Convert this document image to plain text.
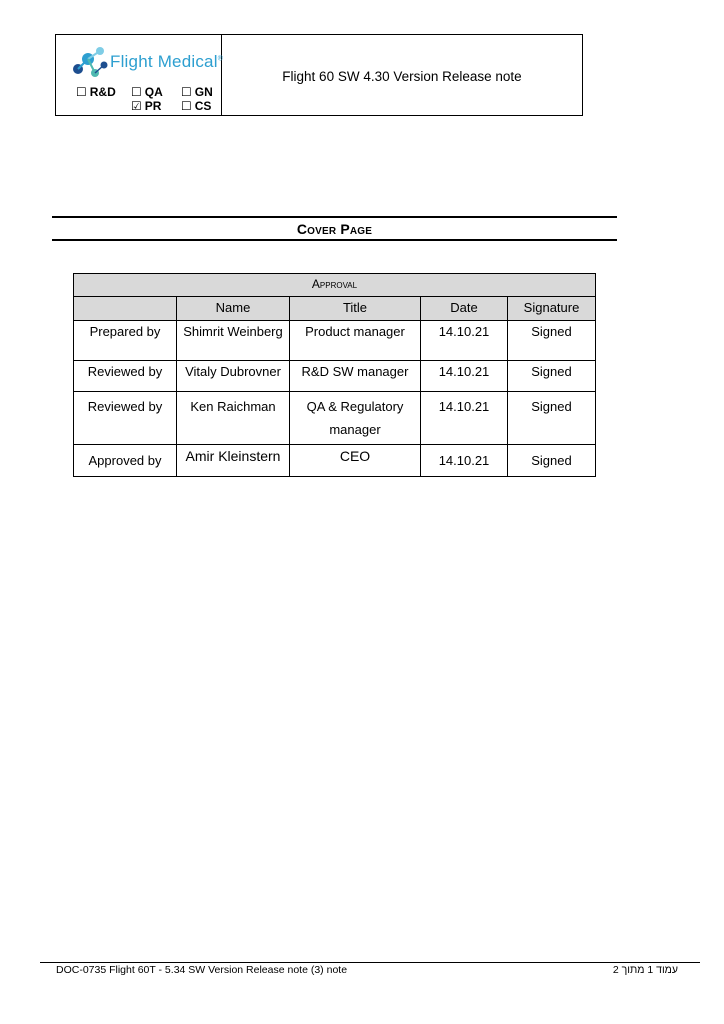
Flight Medical®
☐ R&D ☐ QA ☐ GN
☑ PR ☐ CS
Flight 60 SW 4.30 Version Release note
Cover Page
Approval				
	Name	Title	Date	Signature
Prepared by	Shimrit Weinberg	Product manager	14.10.21	Signed
Reviewed by	Vitaly Dubrovner	R&D SW manager	14.10.21	Signed
Reviewed by	Ken Raichman	QA & Regulatory manager	14.10.21	Signed
Approved by	Amir Kleinstern	CEO	14.10.21	Signed
DOC-0735 Flight 60T - 5.34 SW Version Release note (3) note	עמוד 1 מתוך 2
